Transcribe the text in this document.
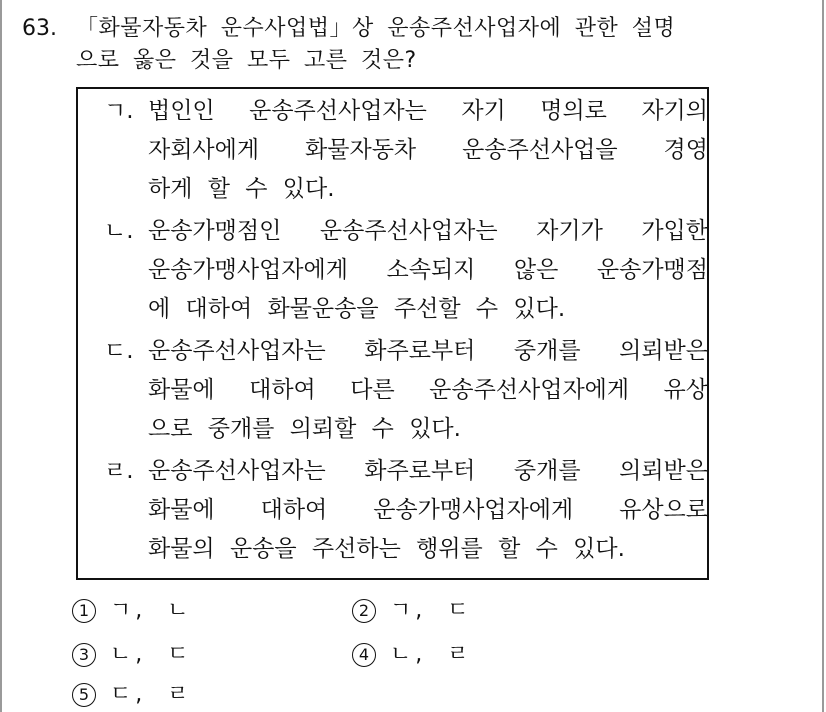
63. 「화물자동차 운수사업법」상 운송주선사업자에 관한 설명
으로 옳은 것을 모두 고른 것은?
ㄱ. 법인인 운송주선사업자는 자기 명의로 자기의
자회사에게 화물자동차 운송주선사업을 경영
하게 할 수 있다.
ㄴ. 운송가맹점인 운송주선사업자는 자기가 가입한
운송가맹사업자에게 소속되지 않은 운송가맹점
에 대하여 화물운송을 주선할 수 있다.
ㄷ. 운송주선사업자는 화주로부터 중개를 의뢰받은
화물에 대하여 다른 운송주선사업자에게 유상
으로 중개를 의뢰할 수 있다.
ㄹ. 운송주선사업자는 화주로부터 중개를 의뢰받은
화물에 대하여 운송가맹사업자에게 유상으로
화물의 운송을 주선하는 행위를 할 수 있다.
1 ㄱ, ㄴ	2 ㄱ, ㄷ
3 ㄴ, ㄷ	4 ㄴ, ㄹ
5 ㄷ, ㄹ
